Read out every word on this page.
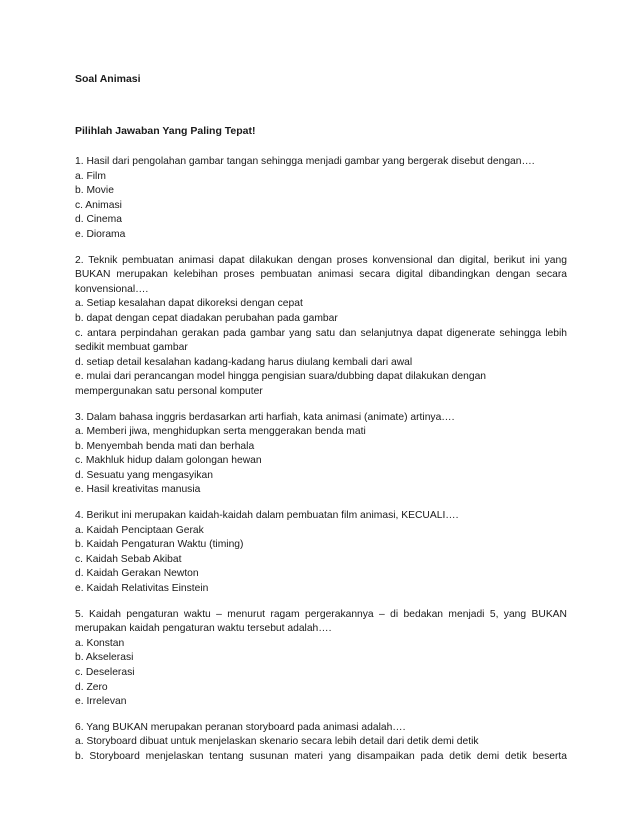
Soal Animasi
Pilihlah Jawaban Yang Paling Tepat!
1. Hasil dari pengolahan gambar tangan sehingga menjadi gambar yang bergerak disebut dengan….
a. Film
b. Movie
c. Animasi
d. Cinema
e. Diorama
2. Teknik pembuatan animasi dapat dilakukan dengan proses konvensional dan digital, berikut ini yang
BUKAN merupakan kelebihan proses pembuatan animasi secara digital dibandingkan dengan secara
konvensional….
a. Setiap kesalahan dapat dikoreksi dengan cepat
b. dapat dengan cepat diadakan perubahan pada gambar
c. antara perpindahan gerakan pada gambar yang satu dan selanjutnya dapat digenerate sehingga lebih
sedikit membuat gambar
d. setiap detail kesalahan kadang-kadang harus diulang kembali dari awal
e. mulai dari perancangan model hingga pengisian suara/dubbing dapat dilakukan dengan
mempergunakan satu personal komputer
3. Dalam bahasa inggris berdasarkan arti harfiah, kata animasi (animate) artinya….
a. Memberi jiwa, menghidupkan serta menggerakan benda mati
b. Menyembah benda mati dan berhala
c. Makhluk hidup dalam golongan hewan
d. Sesuatu yang mengasyikan
e. Hasil kreativitas manusia
4. Berikut ini merupakan kaidah-kaidah dalam pembuatan film animasi, KECUALI….
a. Kaidah Penciptaan Gerak
b. Kaidah Pengaturan Waktu (timing)
c. Kaidah Sebab Akibat
d. Kaidah Gerakan Newton
e. Kaidah Relativitas Einstein
5. Kaidah pengaturan waktu – menurut ragam pergerakannya – di bedakan menjadi 5, yang BUKAN
merupakan kaidah pengaturan waktu tersebut adalah….
a. Konstan
b. Akselerasi
c. Deselerasi
d. Zero
e. Irrelevan
6. Yang BUKAN merupakan peranan storyboard pada animasi adalah….
a. Storyboard dibuat untuk menjelaskan skenario secara lebih detail dari detik demi detik
b. Storyboard menjelaskan tentang susunan materi yang disampaikan pada detik demi detik beserta
